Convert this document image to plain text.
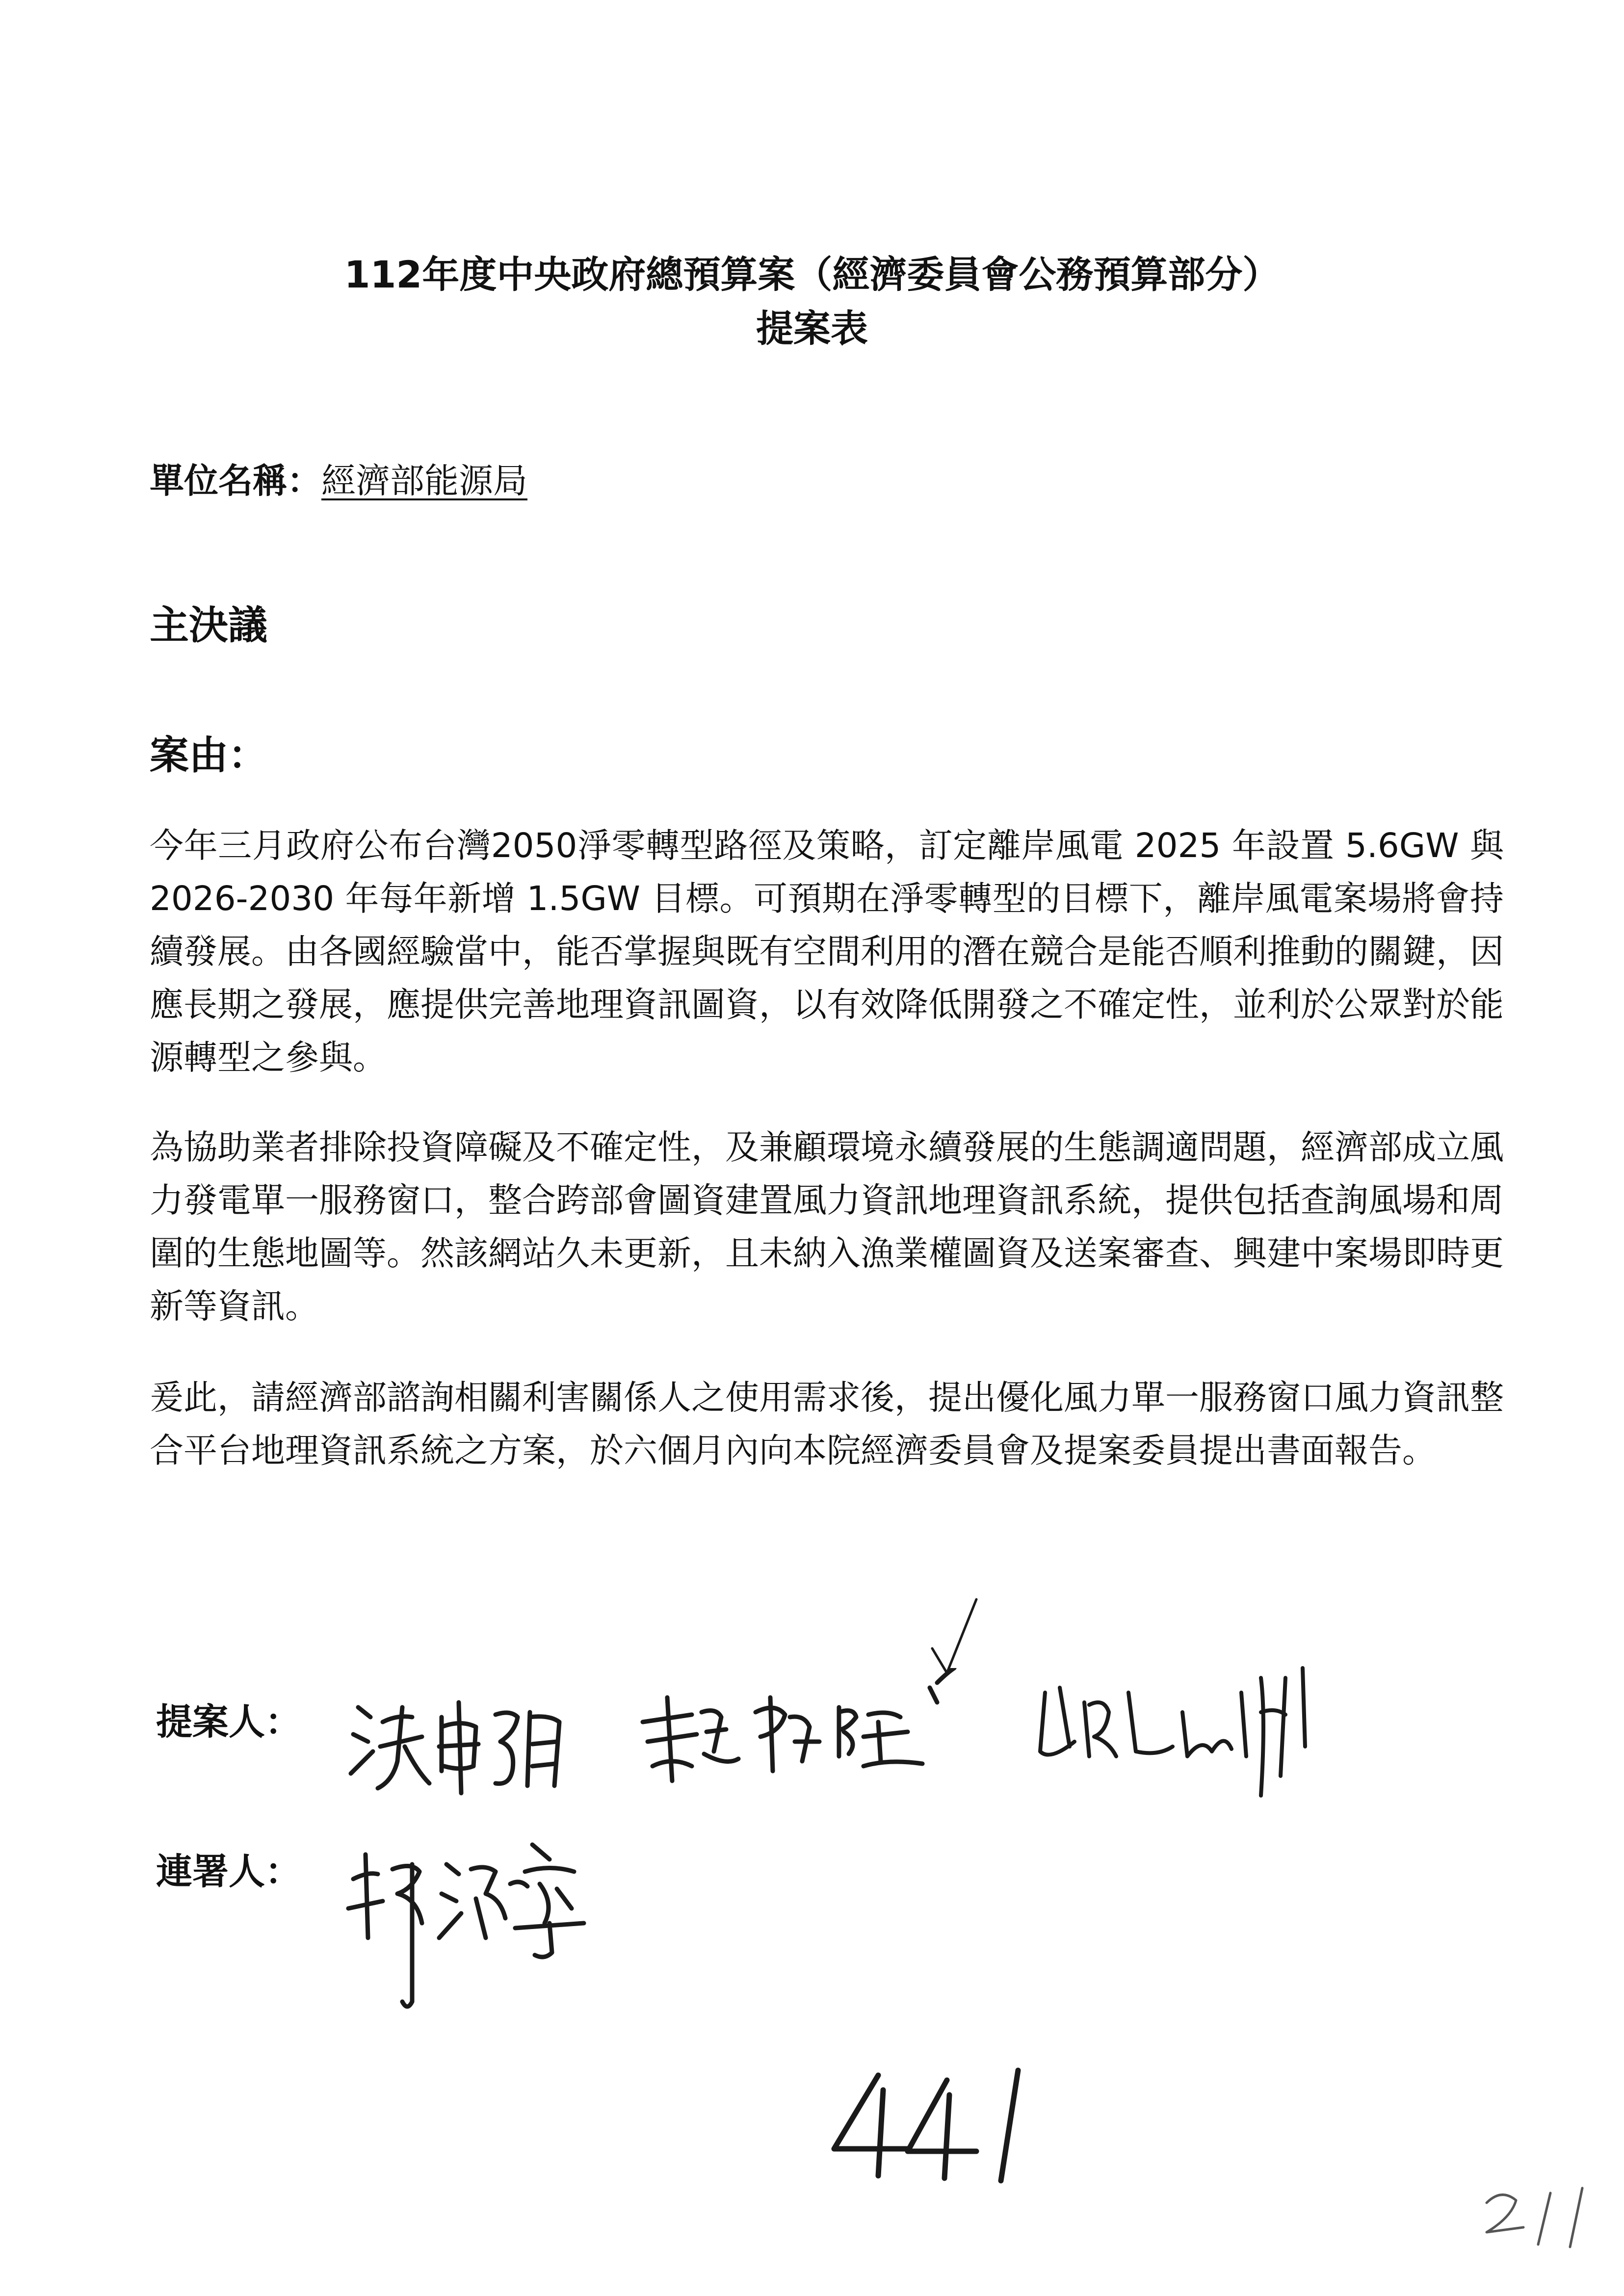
112年度中央政府總預算案（經濟委員會公務預算部分）
提案表
單位名稱：經濟部能源局
主決議
案由：

今年三月政府公布台灣2050淨零轉型路徑及策略，訂定離岸風電 2025 年設置 5.6GW 與 2026-2030 年每年新增 1.5GW 目標。可預期在淨零轉型的目標下，離岸風電案場將會持續發展。由各國經驗當中，能否掌握與既有空間利用的潛在競合是能否順利推動的關鍵，因應長期之發展，應提供完善地理資訊圖資，以有效降低開發之不確定性，並利於公眾對於能源轉型之參與。

為協助業者排除投資障礙及不確定性，及兼顧環境永續發展的生態調適問題，經濟部成立風力發電單一服務窗口，整合跨部會圖資建置風力資訊地理資訊系統，提供包括查詢風場和周圍的生態地圖等。然該網站久未更新，且未納入漁業權圖資及送案審查、興建中案場即時更新等資訊。

爰此，請經濟部諮詢相關利害關係人之使用需求後，提出優化風力單一服務窗口風力資訊整合平台地理資訊系統之方案，於六個月內向本院經濟委員會及提案委員提出書面報告。

提案人：
連署人：
